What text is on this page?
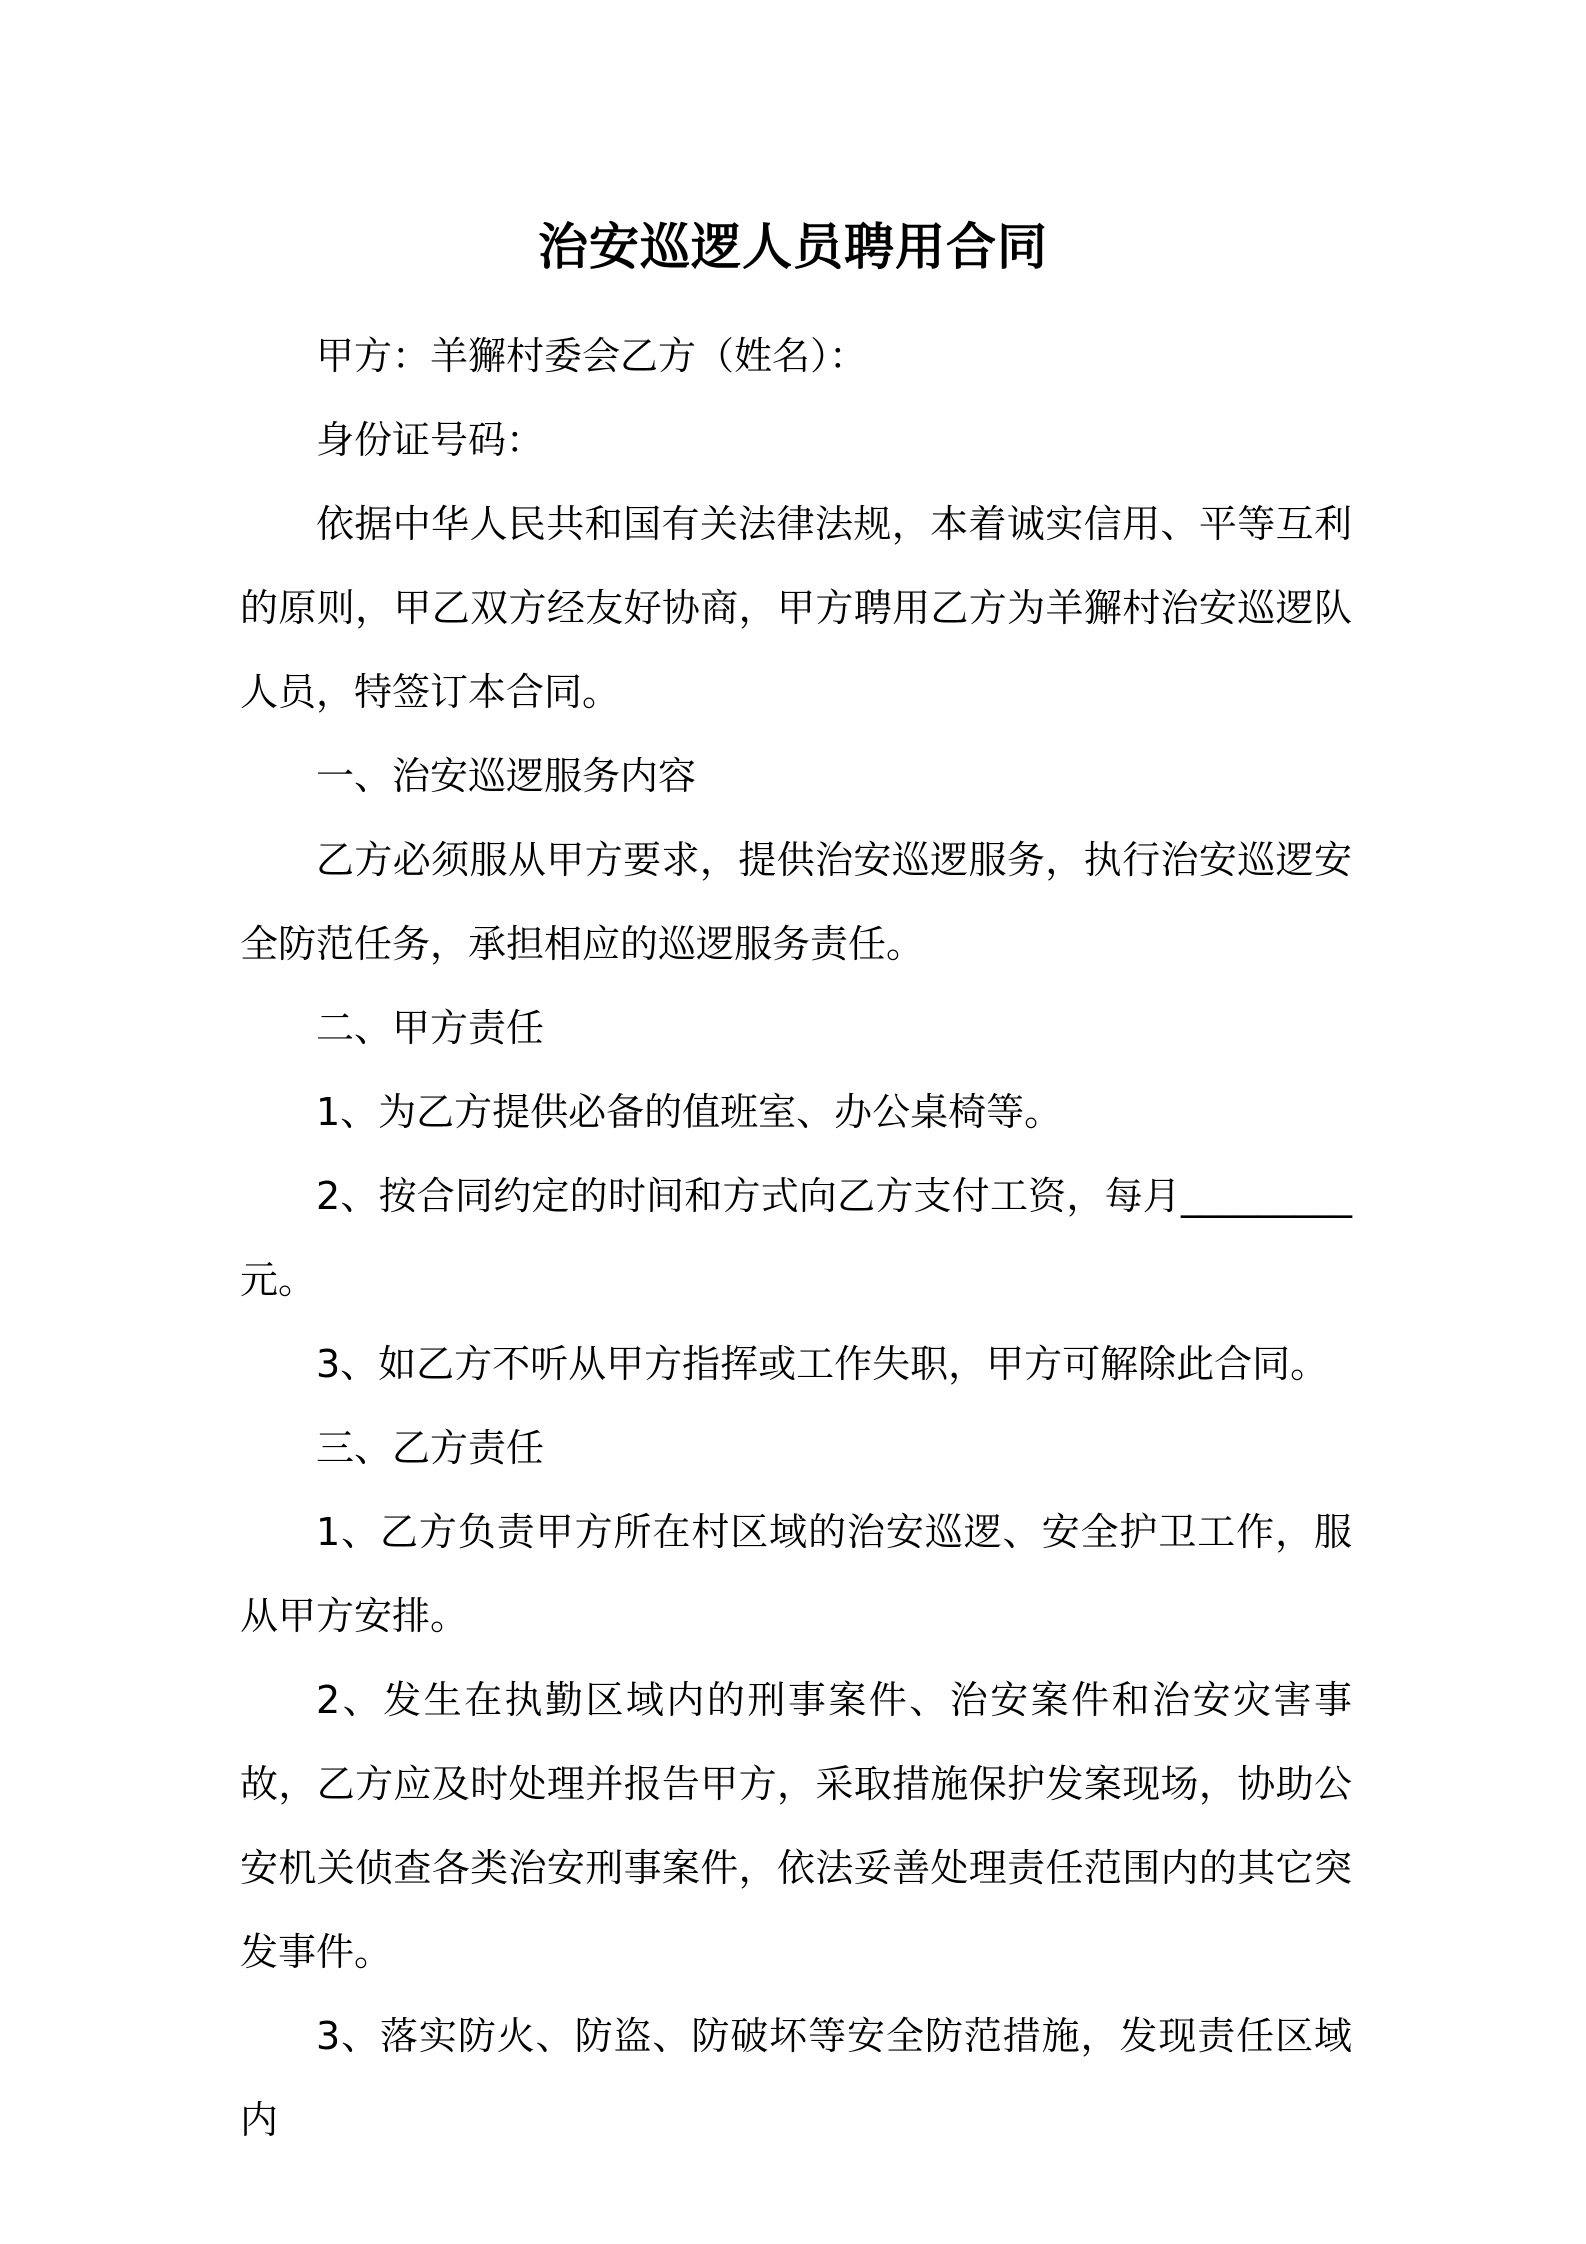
治安巡逻人员聘用合同

甲方：羊獬村委会乙方（姓名）：

身份证号码：

依据中华人民共和国有关法律法规，本着诚实信用、平等互利的原则，甲乙双方经友好协商，甲方聘用乙方为羊獬村治安巡逻队人员，特签订本合同。

一、治安巡逻服务内容

乙方必须服从甲方要求，提供治安巡逻服务，执行治安巡逻安全防范任务，承担相应的巡逻服务责任。

二、甲方责任

1、为乙方提供必备的值班室、办公桌椅等。

2、按合同约定的时间和方式向乙方支付工资，每月_________元。

3、如乙方不听从甲方指挥或工作失职，甲方可解除此合同。

三、乙方责任

1、乙方负责甲方所在村区域的治安巡逻、安全护卫工作，服从甲方安排。

2、发生在执勤区域内的刑事案件、治安案件和治安灾害事故，乙方应及时处理并报告甲方，采取措施保护发案现场，协助公安机关侦查各类治安刑事案件，依法妥善处理责任范围内的其它突发事件。

3、落实防火、防盗、防破坏等安全防范措施，发现责任区域内
